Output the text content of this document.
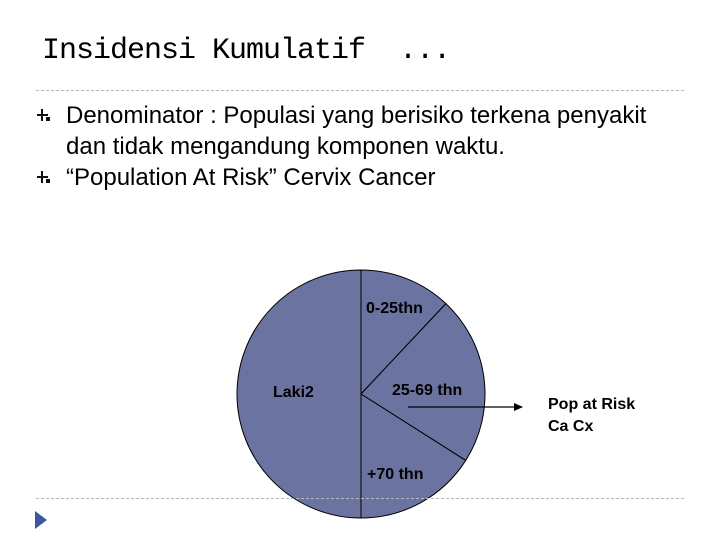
Insidensi Kumulatif  ...
Denominator : Populasi yang berisiko terkena penyakit dan tidak mengandung komponen waktu.
“Population At Risk” Cervix Cancer
Laki2
0-25thn
25-69 thn
+70 thn
Pop at Risk
Ca Cx
